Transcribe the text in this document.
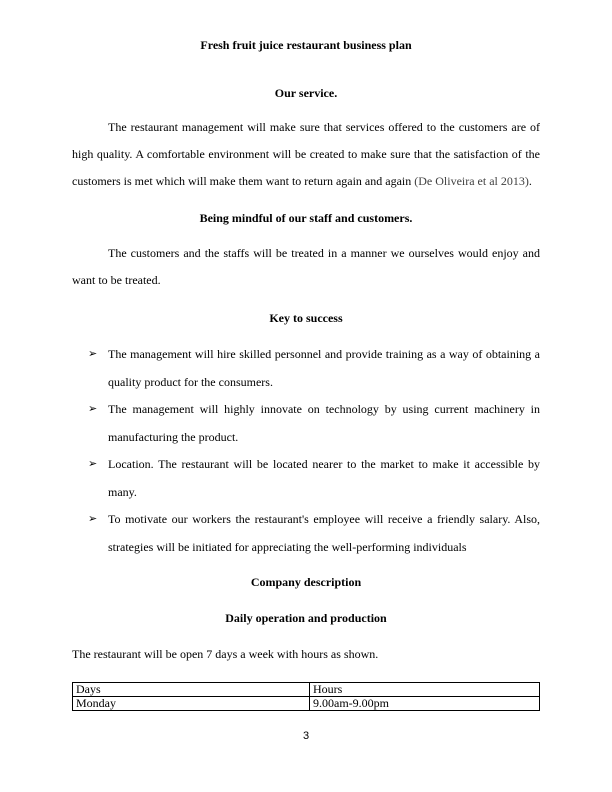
Fresh fruit juice restaurant business plan
Our service.
The restaurant management will make sure that services offered to the customers are of high quality. A comfortable environment will be created to make sure that the satisfaction of the customers is met which will make them want to return again and again (De Oliveira et al 2013).
Being mindful of our staff and customers.
The customers and the staffs will be treated in a manner we ourselves would enjoy and want to be treated.
Key to success
➢ The management will hire skilled personnel and provide training as a way of obtaining a quality product for the consumers.
➢ The management will highly innovate on technology by using current machinery in manufacturing the product.
➢ Location. The restaurant will be located nearer to the market to make it accessible by many.
➢ To motivate our workers the restaurant's employee will receive a friendly salary. Also, strategies will be initiated for appreciating the well-performing individuals
Company description
Daily operation and production
The restaurant will be open 7 days a week with hours as shown.
Days	Hours
Monday	9.00am-9.00pm
3
